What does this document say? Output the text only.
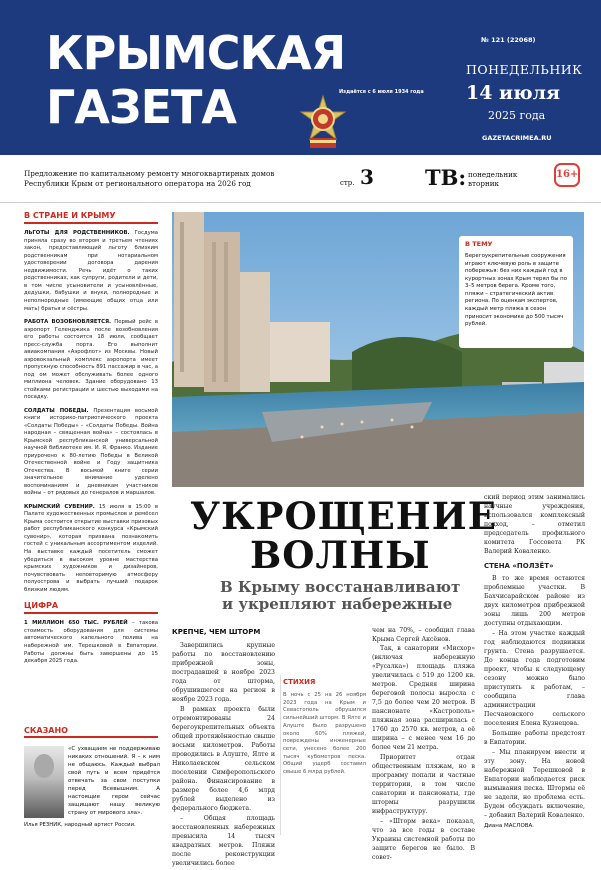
КРЫМСКАЯ
ГАЗЕТА	Издаётся с 6 июля 1934 года
№ 121 (22068)
ПОНЕДЕЛЬНИК
14 июля
2025 года
GAZETACRIMEA.RU
Предложение по капитальному ремонту многоквартирных домов Республики Крым от регионального оператора на 2026 год	стр. 3 ТВ: понедельник
вторник
16+
В СТРАНЕ И КРЫМУ
ЛЬГОТЫ ДЛЯ РОДСТВЕННИКОВ. Госдума приняла сразу во втором и третьем чтениях закон, предоставляющий льготу близким родственникам при нотариальном удостоверении договора дарения недвижимости. Речь идёт о таких родственниках, как супруги, родители и дети, в том числе усыновители и усыновлённые, дедушки, бабушки и внуки, полнородные и неполнородные (имеющие общих отца или мать) братья и сёстры.
РАБОТА ВОЗОБНОВЛЯЕТСЯ. Первый рейс в аэропорт Геленджика после возобновления его работы состоится 18 июля, сообщает пресс-служба порта. Его выполнит авиакомпания «Аэрофлот» из Москвы. Новый аэровокзальный комплекс аэропорта имеет пропускную способность 891 пассажир в час, а под ом может обслуживать более одного миллиона человек. Здание оборудовано 13 стойками регистрации и шестью выходами на посадку.
СОЛДАТЫ ПОБЕДЫ. Презентация восьмой книги историко-патриотического проекта «Солдаты Победы» – «Солдаты Победы. Война народная – священная война» – состоялась в Крымской республиканской универсальной научной библиотеке им. И. Я. Франко. Издание приурочено к 80-летию Победы в Великой Отечественной войне и Году защитника Отечества. В восьмой книге серии значительное внимание уделено воспоминаниям и дневникам участников войны – от рядовых до генералов и маршалов.
КРЫМСКИЙ СУВЕНИР. 15 июля в 15:00 в Палате художественных промыслов и ремёсел Крыма состоится открытие выставки призовых работ республиканского конкурса «Крымский сувенир», которая призвана познакомить гостей с уникальным ассортиментом изделий. На выставке каждый посетитель сможет убедиться в высоком уровне мастерства крымских художников и дизайнеров, почувствовать неповторимую атмосферу полуострова и выбрать лучший подарок близким людям.
ЦИФРА
1 МИЛЛИОН 650 ТЫС. РУБЛЕЙ – такова стоимость оборудования для системы автоматического капельного полива на набережной им. Терешковой в Евпатории. Работы должны быть завершены до 15 декабря 2025 года.
СКАЗАНО
«С ухващаем не поддерживаю никаких отношений. Я – к ним не общаюсь. Каждый выбрал свой путь и всем придётся отвечать за свои поступки перед Всевышним. А настоящие герои сейчас защищают нашу великую страну от мирового зла».
Илья РЕЗНИК, народный артист России.
В ТЕМУ
Берегоукрепительные сооружения играют ключевую роль в защите побережья: без них каждый год в курортных зонах Крым терял бы по 3–5 метров берега. Кроме того, пляжи – стратегический актив региона. По оценкам экспертов, каждый метр пляжа в сезон приносит экономике до 500 тысяч рублей.
УКРОЩЕНИЕ
ВОЛНЫ
В Крыму восстанавливают
и укрепляют набережные
КРЕПЧЕ, ЧЕМ ШТОРМ
Завершились крупные работы по восстановлению прибрежной зоны, пострадавшей в ноябре 2023 года от шторма, обрушившегося на регион в ноябре 2023 года.
В рамках проекта были отремонтированы 24 берегоукрепительных объекта общей протяжённостью свыше восьми километров. Работы проводились в Алуште, Ялте и Николаевском сельском поселении Симферопольского района. Финансирование в размере более 4,6 млрд рублей выделено из федерального бюджета.
– Общая площадь восстановленных набережных превысила 14 тысяч квадратных метров. Пляжи после реконструкции увеличились более
СТИХИЯ
В ночь с 25 на 26 ноября 2023 года на Крым и Севастополь обрушился сильнейший шторм. В Ялте и Алуште было разрушено около 60% пляжей, повреждены инженерные сети, унесено более 200 тысяч кубометров песка. Общий ущерб составил свыше 6 млрд рублей.
чем на 70%, – сообщил глава Крыма Сергей Аксёнов.
Так, в санатории «Мисхор» (включая набережную «Русалка») площадь пляжа увеличилась с 519 до 1200 кв. метров. Средняя ширина береговой полосы выросла с 7,5 до более чем 20 метров. В пансионате «Кастрополь» пляжная зона расширилась с 1760 до 2570 кв. метров, а её ширина – с менее чем 16 до более чем 21 метра.
Приоритет отдан общественным пляжам, но в программу попали и частные территории, в том числе санатории и пансионаты, где штормы разрушили инфраструктуру.
– «Шторм века» показал, что за все годы в составе Украины системной работы по защите берегов не было. В совет-
ский период этим занимались научные учреждения, использовался комплексный подход, – отметил председатель профильного комитета Госсовета РК Валерий Коваленко.
СТЕНА «ПОЛЗЁТ»
В то же время остаются проблемные участки. В Бахчисарайском районе из двух километров прибрежной зоны лишь 200 метров доступны отдыхающим.
– На этом участке каждый год наблюдаются подвижки грунта. Стена разрушается. До конца года подготовим проект, чтобы к следующему сезону можно было приступить к работам, – сообщила глава администрации Песчановского сельского поселения Елена Кузнецова.
Большие работы предстоят в Евпатории.
– Мы планируем внести и эту зону. На новой набережной Терешковой в Евпатории наблюдается риск вымывания песка. Штормы её не задели, но проблема есть. Будем обсуждать включение, – добавил Валерий Коваленко.
Диана МАСЛОВА.
